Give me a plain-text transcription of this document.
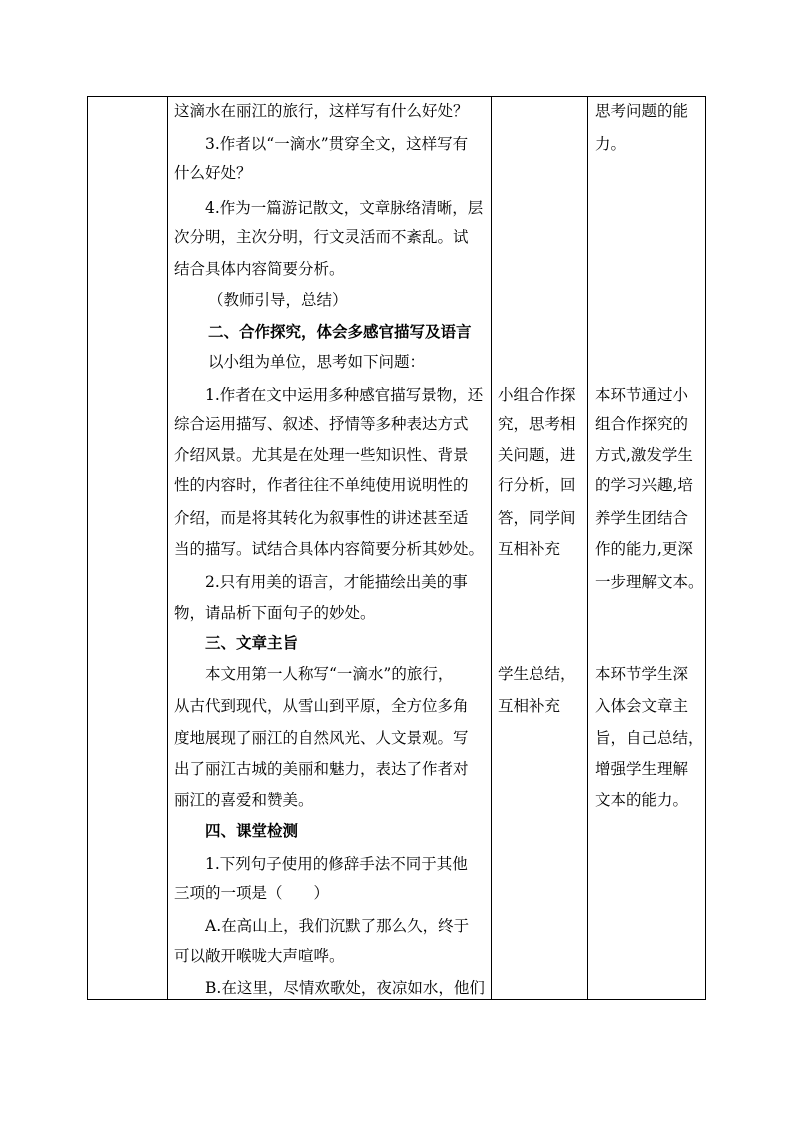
这滴水在丽江的旅行，这样写有什么好处？
3.作者以“一滴水”贯穿全文，这样写有
什么好处？
4.作为一篇游记散文，文章脉络清晰，层
次分明，主次分明，行文灵活而不紊乱。试
结合具体内容简要分析。
（教师引导，总结）
二、合作探究，体会多感官描写及语言
以小组为单位，思考如下问题：
1.作者在文中运用多种感官描写景物，还
综合运用描写、叙述、抒情等多种表达方式
介绍风景。尤其是在处理一些知识性、背景
性的内容时，作者往往不单纯使用说明性的
介绍，而是将其转化为叙事性的讲述甚至适
当的描写。试结合具体内容简要分析其妙处。
2.只有用美的语言，才能描绘出美的事
物，请品析下面句子的妙处。
三、文章主旨
本文用第一人称写“一滴水”的旅行，
从古代到现代，从雪山到平原，全方位多角
度地展现了丽江的自然风光、人文景观。写
出了丽江古城的美丽和魅力，表达了作者对
丽江的喜爱和赞美。
四、课堂检测
1.下列句子使用的修辞手法不同于其他
三项的一项是（　　）
A.在高山上，我们沉默了那么久，终于
可以敞开喉咙大声喧哗。
B.在这里，尽情欢歌处，夜凉如水，他们
小组合作探
究，思考相
关问题，进
行分析，回
答，同学间
互相补充
学生总结，
互相补充
思考问题的能
力。
本环节通过小
组合作探究的
方式,激发学生
的学习兴趣,培
养学生团结合
作的能力,更深
一步理解文本。
本环节学生深
入体会文章主
旨，自己总结，
增强学生理解
文本的能力。
